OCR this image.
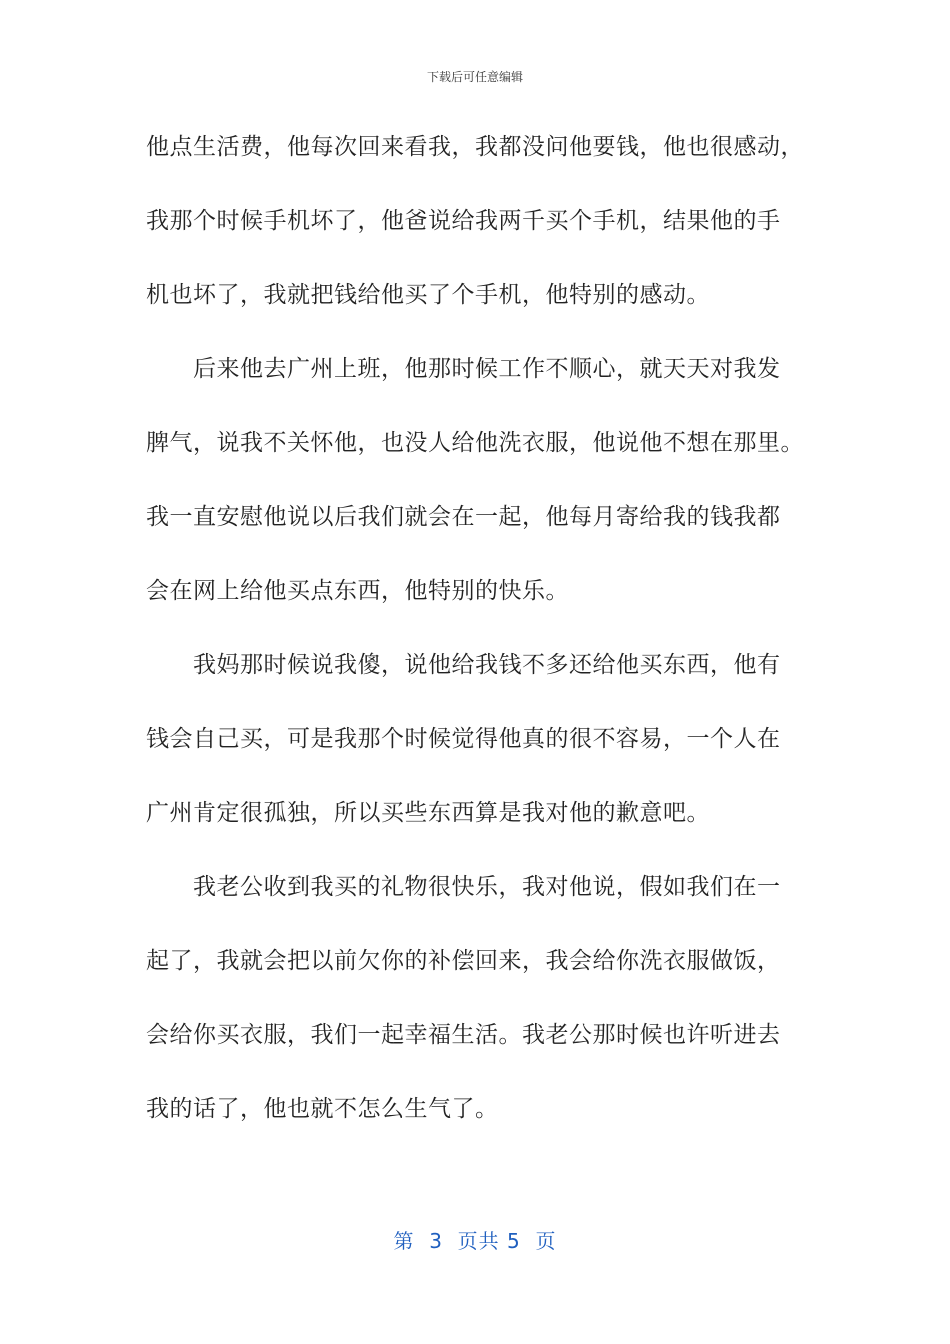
下载后可任意编辑
他点生活费，他每次回来看我，我都没问他要钱，他也很感动，
我那个时候手机坏了，他爸说给我两千买个手机，结果他的手
机也坏了，我就把钱给他买了个手机，他特别的感动。
后来他去广州上班，他那时候工作不顺心，就天天对我发
脾气，说我不关怀他，也没人给他洗衣服，他说他不想在那里。
我一直安慰他说以后我们就会在一起，他每月寄给我的钱我都
会在网上给他买点东西，他特别的快乐。
我妈那时候说我傻，说他给我钱不多还给他买东西，他有
钱会自己买，可是我那个时候觉得他真的很不容易，一个人在
广州肯定很孤独，所以买些东西算是我对他的歉意吧。
我老公收到我买的礼物很快乐，我对他说，假如我们在一
起了，我就会把以前欠你的补偿回来，我会给你洗衣服做饭，
会给你买衣服，我们一起幸福生活。我老公那时候也许听进去
我的话了，他也就不怎么生气了。
第  3  页共 5  页
